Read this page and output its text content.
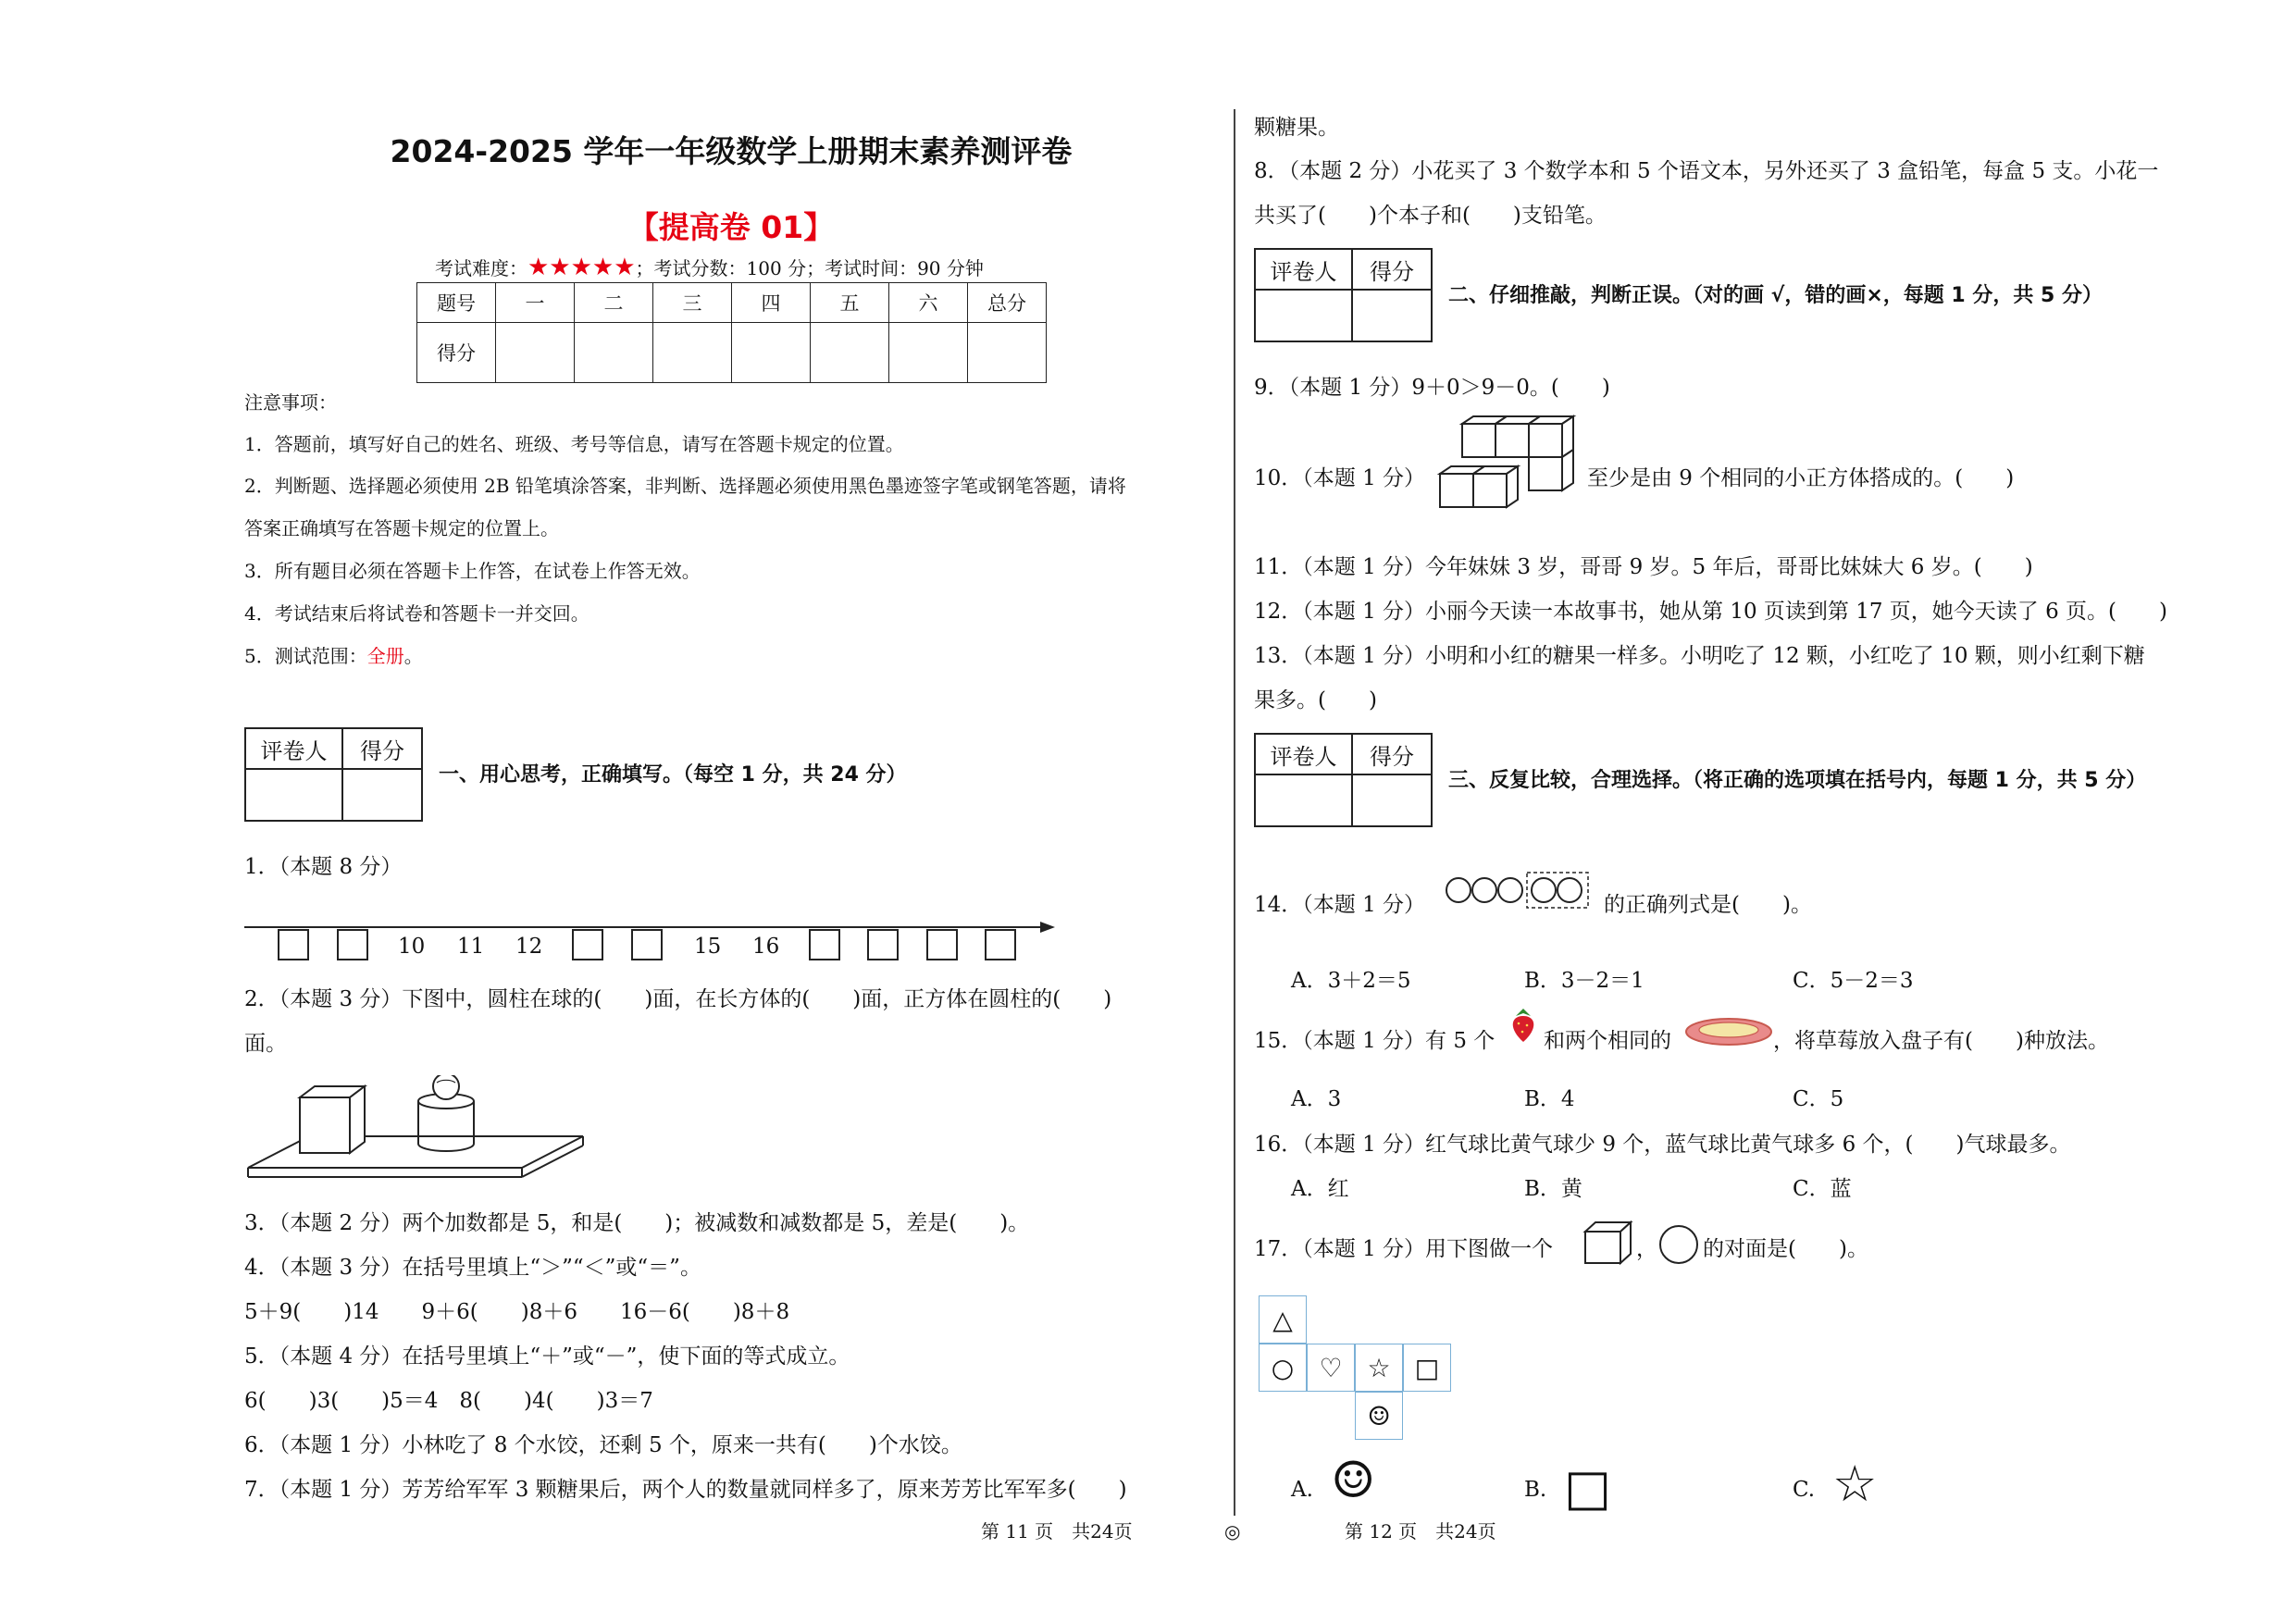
2024-2025 学年一年级数学上册期末素养测评卷
【提高卷 01】
考试难度：★★★★★；考试分数：100 分；考试时间：90 分钟
题号	一	二	三	四	五	六	总分
得分							
注意事项：
1．答题前，填写好自己的姓名、班级、考号等信息，请写在答题卡规定的位置。
2．判断题、选择题必须使用 2B 铅笔填涂答案，非判断、选择题必须使用黑色墨迹签字笔或钢笔答题，请将
答案正确填写在答题卡规定的位置上。
3．所有题目必须在答题卡上作答，在试卷上作答无效。
4．考试结束后将试卷和答题卡一并交回。
5．测试范围：全册。
评卷人	得分

一、用心思考，正确填写。（每空 1 分，共 24 分）
1．（本题 8 分）
10 11 12	15 16
2．（本题 3 分）下图中，圆柱在球的(　　)面，在长方体的(　　)面，正方体在圆柱的(　　)
面。
3．（本题 2 分）两个加数都是 5，和是(　　)；被减数和减数都是 5，差是(　　)。
4．（本题 3 分）在括号里填上“＞”“＜”或“＝”。
5＋9(　　)14　　9＋6(　　)8＋6　　16－6(　　)8＋8
5．（本题 4 分）在括号里填上“＋”或“－”，使下面的等式成立。
6(　　)3(　　)5＝4　8(　　)4(　　)3＝7
6．（本题 1 分）小林吃了 8 个水饺，还剩 5 个，原来一共有(　　)个水饺。
7．（本题 1 分）芳芳给军军 3 颗糖果后，两个人的数量就同样多了，原来芳芳比军军多(　　)
颗糖果。
8．（本题 2 分）小花买了 3 个数学本和 5 个语文本，另外还买了 3 盒铅笔，每盒 5 支。小花一
共买了(　　)个本子和(　　)支铅笔。
评卷人	得分

二、仔细推敲，判断正误。（对的画 √，错的画×，每题 1 分，共 5 分）
9．（本题 1 分）9＋0＞9－0。(　　)
10．（本题 1 分）	至少是由 9 个相同的小正方体搭成的。(　　)
11．（本题 1 分）今年妹妹 3 岁，哥哥 9 岁。5 年后，哥哥比妹妹大 6 岁。(　　)
12．（本题 1 分）小丽今天读一本故事书，她从第 10 页读到第 17 页，她今天读了 6 页。(　　)
13．（本题 1 分）小明和小红的糖果一样多。小明吃了 12 颗，小红吃了 10 颗，则小红剩下糖
果多。(　　)
评卷人	得分

三、反复比较，合理选择。（将正确的选项填在括号内，每题 1 分，共 5 分）
14．（本题 1 分）	的正确列式是(　　)。
A．3＋2＝5	B．3－2＝1	C．5－2＝3
15．（本题 1 分）有 5 个 和两个相同的	，将草莓放入盘子有(　　)种放法。
A．3	B．4	C．5
16．（本题 1 分）红气球比黄气球少 9 个，蓝气球比黄气球多 6 个，(　　)气球最多。
A．红	B．黄	C．蓝
17．（本题 1 分）用下图做一个	， 的对面是(　　)。
△
○ ♡ ☆ □
☺
A. ☺	B. □	C. ☆
第 11 页　共24页	◎	第 12 页　共24页
